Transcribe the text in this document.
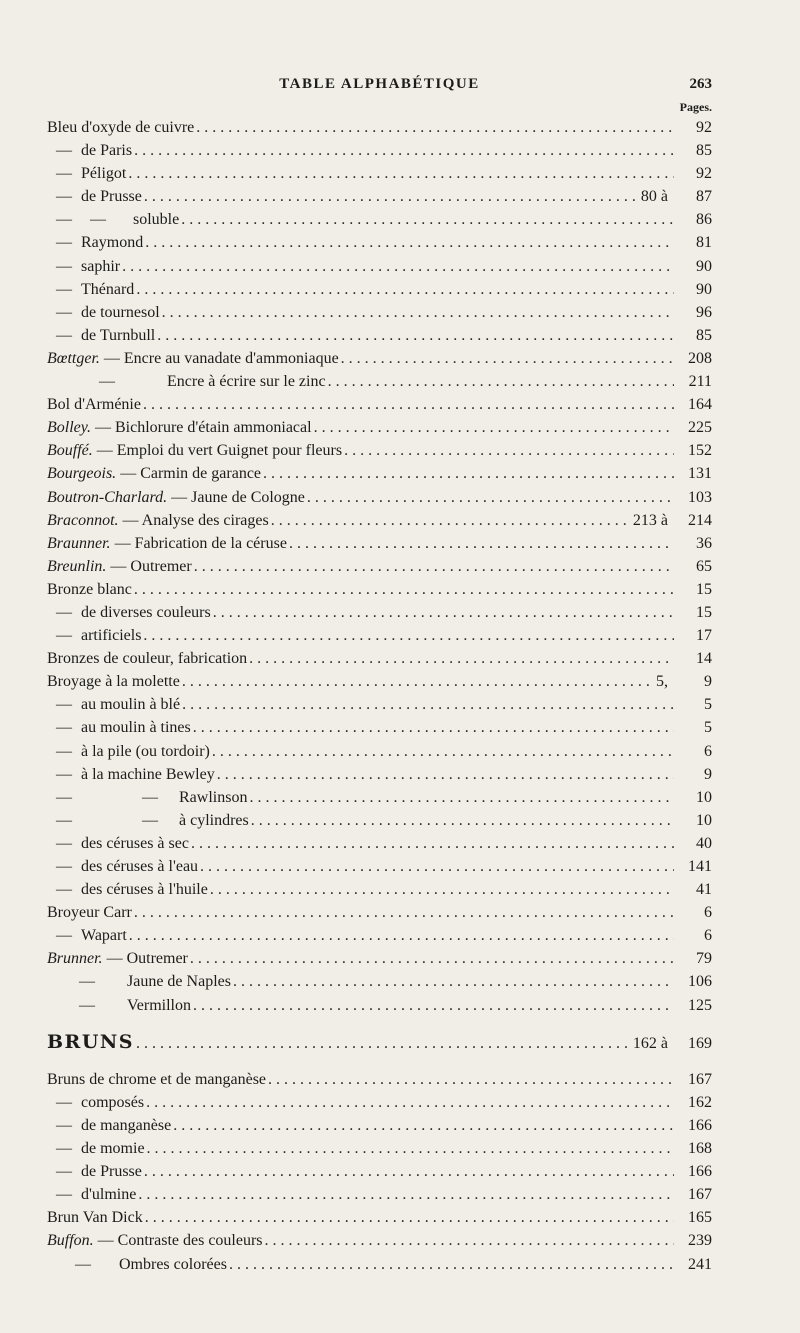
TABLE ALPHABÉTIQUE	263
Pages.
Bleu d'oxyde de cuivre . . .	92
— de Paris . . .	85
— Péligot . . .	92
— de Prusse . . .	80 à	87
— — soluble . . .	86
— Raymond . . .	81
— saphir . . .	90
— Thénard . . .	90
— de tournesol . . .	96
— de Turnbull . . .	85
Bœttger. — Encre au vanadate d'ammoniaque . . .	208
—	Encre à écrire sur le zinc . . .	211
Bol d'Arménie . . .	164
Bolley. — Bichlorure d'étain ammoniacal . . .	225
Bouffé. — Emploi du vert Guignet pour fleurs . . .	152
Bourgeois. — Carmin de garance . . .	131
Boutron-Charlard. — Jaune de Cologne . . .	103
Braconnot. — Analyse des cirages . . .	213 à	214
Braunner. — Fabrication de la céruse . . .	36
Breunlin. — Outremer . . .	65
Bronze blanc . . .	15
— de diverses couleurs . . .	15
— artificiels . . .	17
Bronzes de couleur, fabrication . . .	14
Broyage à la molette . . .	5,	9
— au moulin à blé . . .	5
— au moulin à tines . . .	5
— à la pile (ou tordoir) . . .	6
— à la machine Bewley . . .	9
—	— Rawlinson . . .	10
—	— à cylindres . . .	10
— des céruses à sec . . .	40
— des céruses à l'eau . . .	141
— des céruses à l'huile . . .	41
Broyeur Carr . . .	6
— Wapart . . .	6
Brunner. — Outremer . . .	79
— Jaune de Naples . . .	106
— Vermillon . . .	125
BRUNS . . .	162 à	169
Bruns de chrome et de manganèse . . .	167
— composés . . .	162
— de manganèse . . .	166
— de momie . . .	168
— de Prusse . . .	166
— d'ulmine . . .	167
Brun Van Dick . . .	165
Buffon. — Contraste des couleurs . . .	239
— Ombres colorées . . .	241
